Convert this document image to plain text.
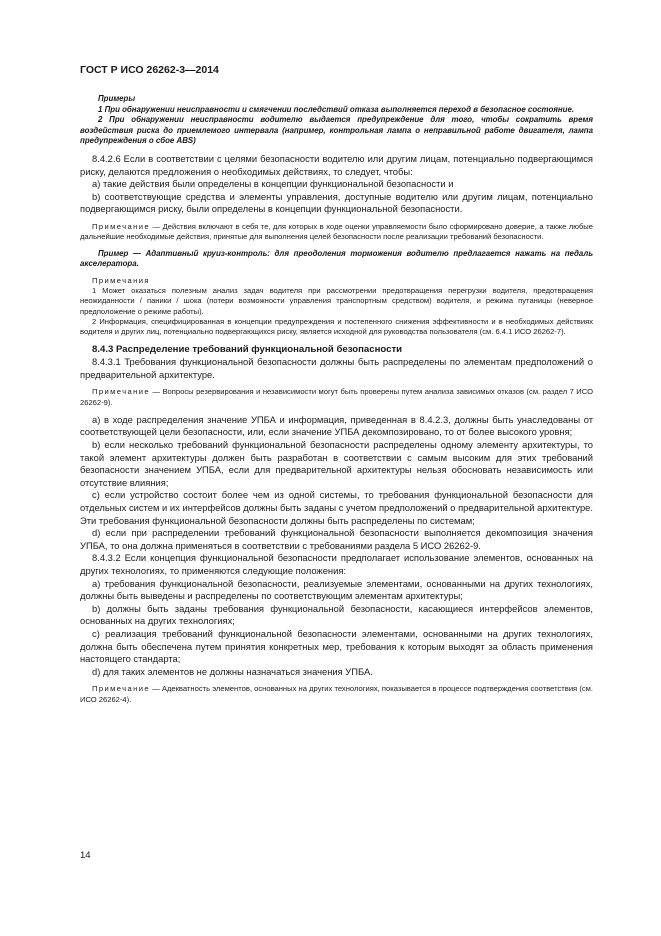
ГОСТ Р ИСО 26262-3—2014

Примеры

1 При обнаружении неисправности и смягчении последствий отказа выполняется переход в безопасное состояние.

2 При обнаружении неисправности водителю выдается предупреждение для того, чтобы сократить время воздействия риска до приемлемого интервала (например, контрольная лампа о неправильной работе двигателя, лампа предупреждения о сбое ABS)

8.4.2.6 Если в соответствии с целями безопасности водителю или другим лицам, потенциально подвергающимся риску, делаются предложения о необходимых действиях, то следует, чтобы:

а) такие действия были определены в концепции функциональной безопасности и

b) соответствующие средства и элементы управления, доступные водителю или другим лицам, потенциально подвергающимся риску, были определены в концепции функциональной безопасности.

Примечание — Действия включают в себя те, для которых в ходе оценки управляемости было сформировано доверие, а также любые дальнейшие необходимые действия, принятые для выполнения целей безопасности после реализации требований безопасности.

Пример — Адаптивный круиз-контроль: для преодоления торможения водителю предлагается нажать на педаль акселератора.

Примечания

1 Может оказаться полезным анализ задач водителя при рассмотрении предотвращения перегрузки водителя, предотвращения неожиданности / паники / шока (потери возможности управления транспортным средством) водителя, и режима путаницы (неверное предположение о режиме работы).

2 Информация, специфицированная в концепции предупреждения и постепенного снижения эффективности и в необходимых действиях водителя и других лиц, потенциально подвергающихся риску, является исходной для руководства пользователя (см. 6.4.1 ИСО 26262-7).

8.4.3 Распределение требований функциональной безопасности

8.4.3.1 Требования функциональной безопасности должны быть распределены по элементам предположений о предварительной архитектуре.

Примечание — Вопросы резервирования и независимости могут быть проверены путем анализа зависимых отказов (см. раздел 7 ИСО 26262-9).

а) в ходе распределения значение УПБА и информация, приведенная в 8.4.2.3, должны быть унаследованы от соответствующей цели безопасности, или, если значение УПБА декомпозировано, то от более высокого уровня;

b) если несколько требований функциональной безопасности распределены одному элементу архитектуры, то такой элемент архитектуры должен быть разработан в соответствии с самым высоким для этих требований безопасности значением УПБА, если для предварительной архитектуры нельзя обосновать независимость или отсутствие влияния;

c) если устройство состоит более чем из одной системы, то требования функциональной безопасности для отдельных систем и их интерфейсов должны быть заданы с учетом предположений о предварительной архитектуре. Эти требования функциональной безопасности должны быть распределены по системам;

d) если при распределении требований функциональной безопасности выполняется декомпозиция значения УПБА, то она должна применяться в соответствии с требованиями раздела 5 ИСО 26262-9.

8.4.3.2 Если концепция функциональной безопасности предполагает использование элементов, основанных на других технологиях, то применяются следующие положения:

а) требования функциональной безопасности, реализуемые элементами, основанными на других технологиях, должны быть выведены и распределены по соответствующим элементам архитектуры;

b) должны быть заданы требования функциональной безопасности, касающиеся интерфейсов элементов, основанных на других технологиях;

c) реализация требований функциональной безопасности элементами, основанными на других технологиях, должна быть обеспечена путем принятия конкретных мер, требования к которым выходят за область применения настоящего стандарта;

d) для таких элементов не должны назначаться значения УПБА.

Примечание — Адекватность элементов, основанных на других технологиях, показывается в процессе подтверждения соответствия (см. ИСО 26262-4).

14
